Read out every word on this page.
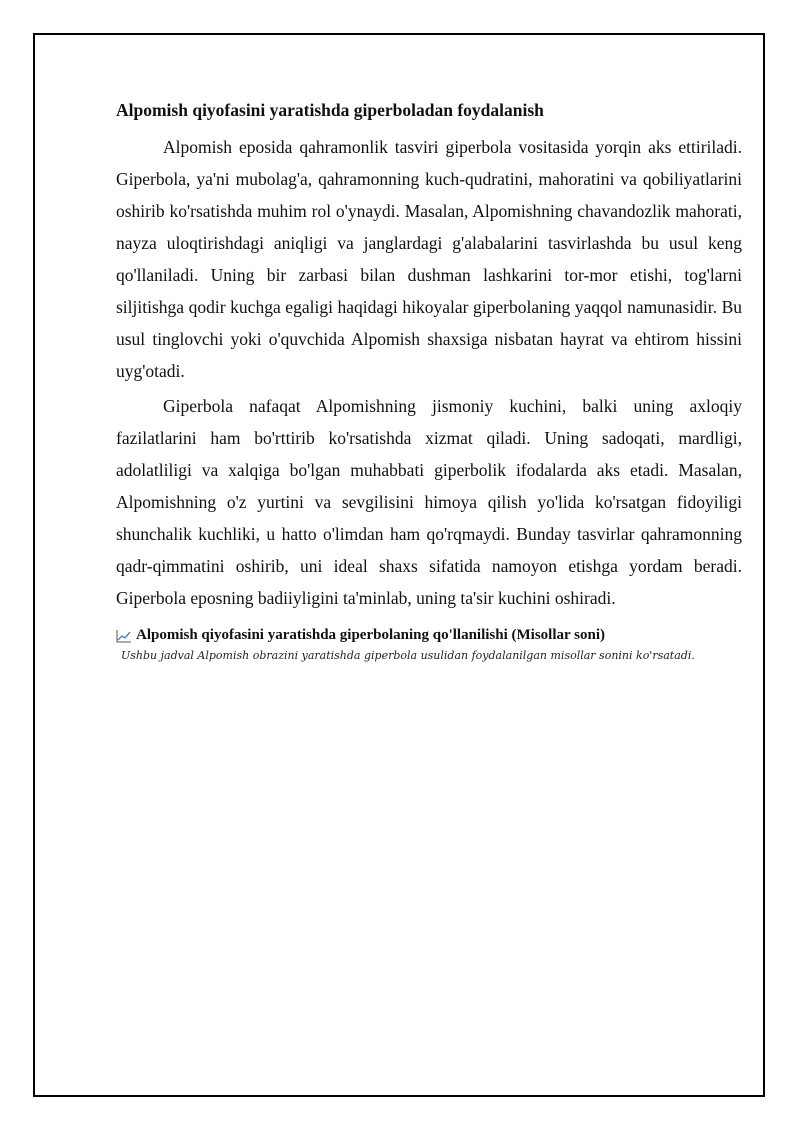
Alpomish qiyofasini yaratishda giperboladan foydalanish

Alpomish eposida qahramonlik tasviri giperbola vositasida yorqin aks ettiriladi. Giperbola, ya'ni mubolag'a, qahramonning kuch-qudratini, mahoratini va qobiliyatlarini oshirib ko'rsatishda muhim rol o'ynaydi. Masalan, Alpomishning chavandozlik mahorati, nayza uloqtirishdagi aniqligi va janglardagi g'alabalarini tasvirlashda bu usul keng qo'llaniladi. Uning bir zarbasi bilan dushman lashkarini tor-mor etishi, tog'larni siljitishga qodir kuchga egaligi haqidagi hikoyalar giperbolaning yaqqol namunasidir. Bu usul tinglovchi yoki o'quvchida Alpomish shaxsiga nisbatan hayrat va ehtirom hissini uyg'otadi.

Giperbola nafaqat Alpomishning jismoniy kuchini, balki uning axloqiy fazilatlarini ham bo'rttirib ko'rsatishda xizmat qiladi. Uning sadoqati, mardligi, adolatliligi va xalqiga bo'lgan muhabbati giperbolik ifodalarda aks etadi. Masalan, Alpomishning o'z yurtini va sevgilisini himoya qilish yo'lida ko'rsatgan fidoyiligi shunchalik kuchliki, u hatto o'limdan ham qo'rqmaydi. Bunday tasvirlar qahramonning qadr-qimmatini oshirib, uni ideal shaxs sifatida namoyon etishga yordam beradi. Giperbola eposning badiiyligini ta'minlab, uning ta'sir kuchini oshiradi.

Alpomish qiyofasini yaratishda giperbolaning qo'llanilishi (Misollar soni)
Ushbu jadval Alpomish obrazini yaratishda giperbola usulidan foydalanilgan misollar sonini ko'rsatadi.
